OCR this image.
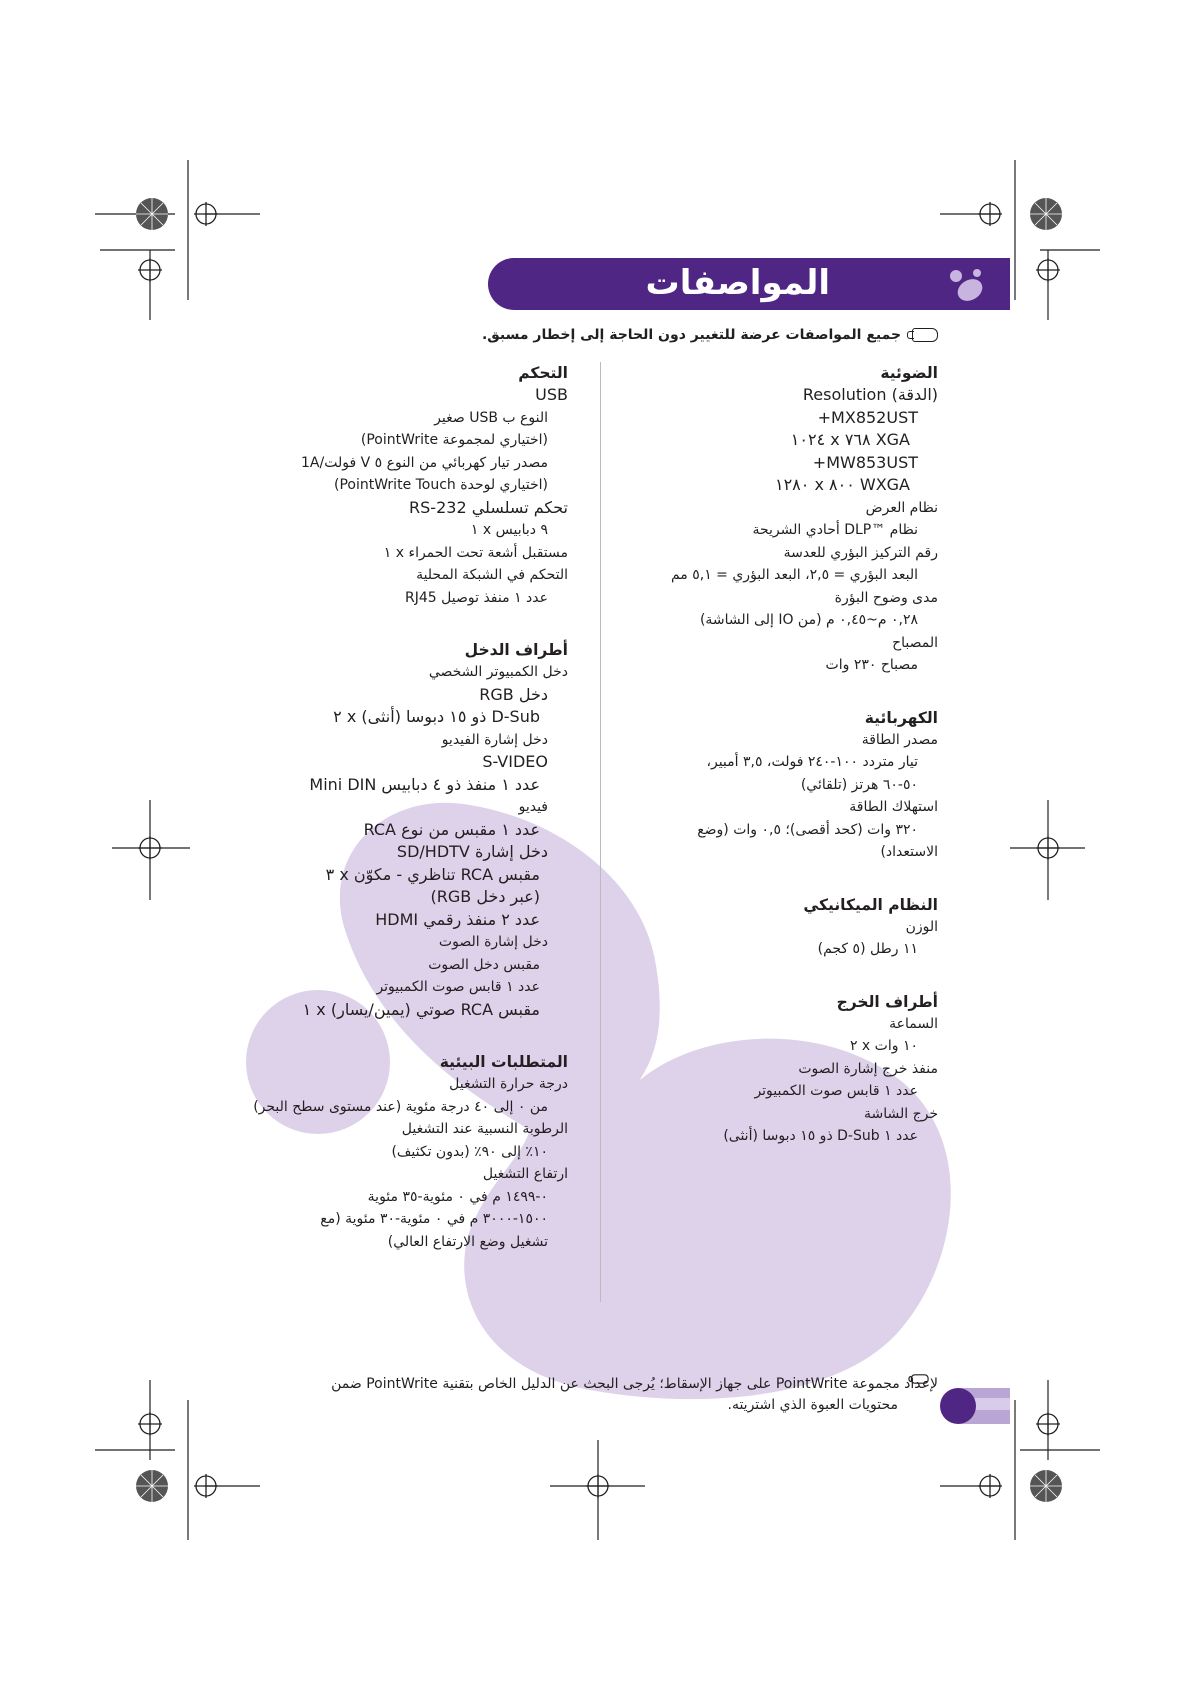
المواصفات
جميع المواصفات عرضة للتغيير دون الحاجة إلى إخطار مسبق.
الضوئية
(الدقة) Resolution
MX852UST+
XGA ٧٦٨ x ١٠٢٤
MW853UST+
WXGA ٨٠٠ x ١٢٨٠
نظام العرض
نظام ™DLP أحادي الشريحة
رقم التركيز البؤري للعدسة
البعد البؤري = ٢,٥، البعد البؤري = ٥,١ مم
مدى وضوح البؤرة
٠,٢٨ م~٠,٤٥ م (من IO إلى الشاشة)
المصباح
مصباح ٢٣٠ وات
الكهربائية
مصدر الطاقة
تيار متردد ١٠٠-٢٤٠ فولت، ٣,٥ أمبير،
٥٠-٦٠ هرتز (تلقائي)
استهلاك الطاقة
٣٢٠ وات (كحد أقصى)؛ ٠,٥ وات (وضع
الاستعداد)
النظام الميكانيكي
الوزن
١١ رطل (٥ كجم)
أطراف الخرج
السماعة
١٠ وات x ٢
منفذ خرج إشارة الصوت
عدد ١ قابس صوت الكمبيوتر
خرج الشاشة
عدد ١ D-Sub ذو ١٥ دبوسا (أنثى)
التحكم
USB
النوع ب USB صغير
(اختياري لمجموعة PointWrite)
مصدر تيار كهربائي من النوع ٥ V فولت/1A
(اختياري لوحدة PointWrite Touch)
تحكم تسلسلي RS-232
٩ دبابيس x ١
مستقبل أشعة تحت الحمراء x ١
التحكم في الشبكة المحلية
عدد ١ منفذ توصيل RJ45
أطراف الدخل
دخل الكمبيوتر الشخصي
دخل RGB
D-Sub ذو ١٥ دبوسا (أنثى) x ٢
دخل إشارة الفيديو
S-VIDEO
عدد ١ منفذ ذو ٤ دبابيس Mini DIN
فيديو
عدد ١ مقبس من نوع RCA
دخل إشارة SD/HDTV
مقبس RCA تناظري - مكوّن x ٣
(عبر دخل RGB)
عدد ٢ منفذ رقمي HDMI
دخل إشارة الصوت
مقبس دخل الصوت
عدد ١ قابس صوت الكمبيوتر
مقبس RCA صوتي (يمين/يسار) x ١
المتطلبات البيئية
درجة حرارة التشغيل
من ٠ إلى ٤٠ درجة مئوية (عند مستوى سطح البحر)
الرطوبة النسبية عند التشغيل
١٠٪ إلى ٩٠٪ (بدون تكثيف)
ارتفاع التشغيل
٠-١٤٩٩ م في ٠ مئوية-٣٥ مئوية
١٥٠٠-٣٠٠٠ م في ٠ مئوية-٣٠ مئوية (مع
تشغيل وضع الارتفاع العالي)
لإعداد مجموعة PointWrite على جهاز الإسقاط؛ يُرجى البحث عن الدليل الخاص بتقنية PointWrite ضمن
محتويات العبوة الذي اشتريته.
